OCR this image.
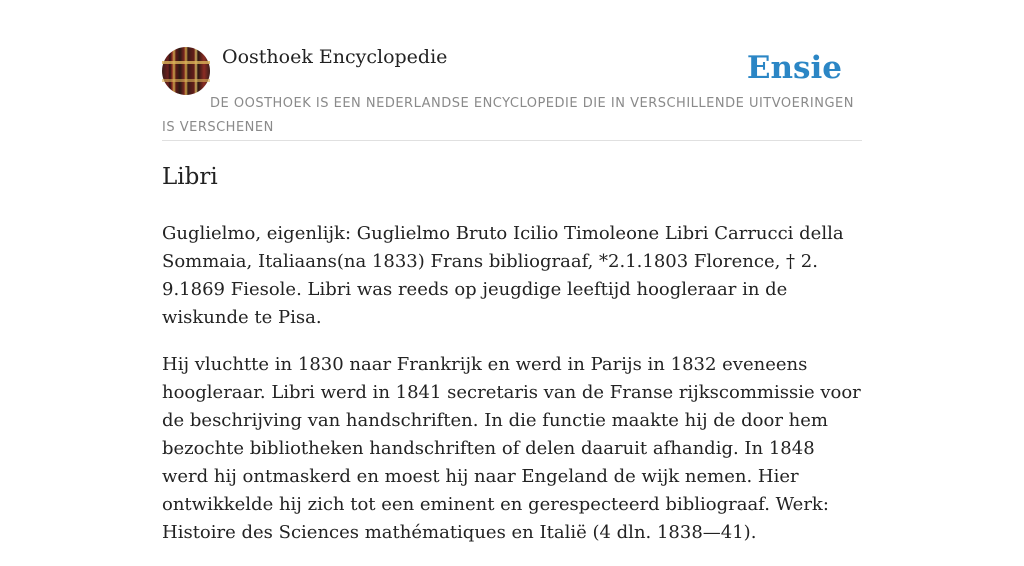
Oosthoek Encyclopedie	Ensie
DE OOSTHOEK IS EEN NEDERLANDSE ENCYCLOPEDIE DIE IN VERSCHILLENDE UITVOERINGEN IS VERSCHENEN
Libri

Guglielmo, eigenlijk: Guglielmo Bruto Icilio Timoleone Libri Carrucci della Sommaia, Italiaans(na 1833) Frans bibliograaf, *2.1.1803 Florence, † 2. 9.1869 Fiesole. Libri was reeds op jeugdige leeftijd hoogleraar in de wiskunde te Pisa.

Hij vluchtte in 1830 naar Frankrijk en werd in Parijs in 1832 eveneens hoogleraar. Libri werd in 1841 secretaris van de Franse rijkscommissie voor de beschrijving van handschriften. In die functie maakte hij de door hem bezochte bibliotheken handschriften of delen daaruit afhandig. In 1848 werd hij ontmaskerd en moest hij naar Engeland de wijk nemen. Hier ontwikkelde hij zich tot een eminent en gerespecteerd bibliograaf. Werk: Histoire des Sciences mathématiques en Italië (4 dln. 1838—41).
